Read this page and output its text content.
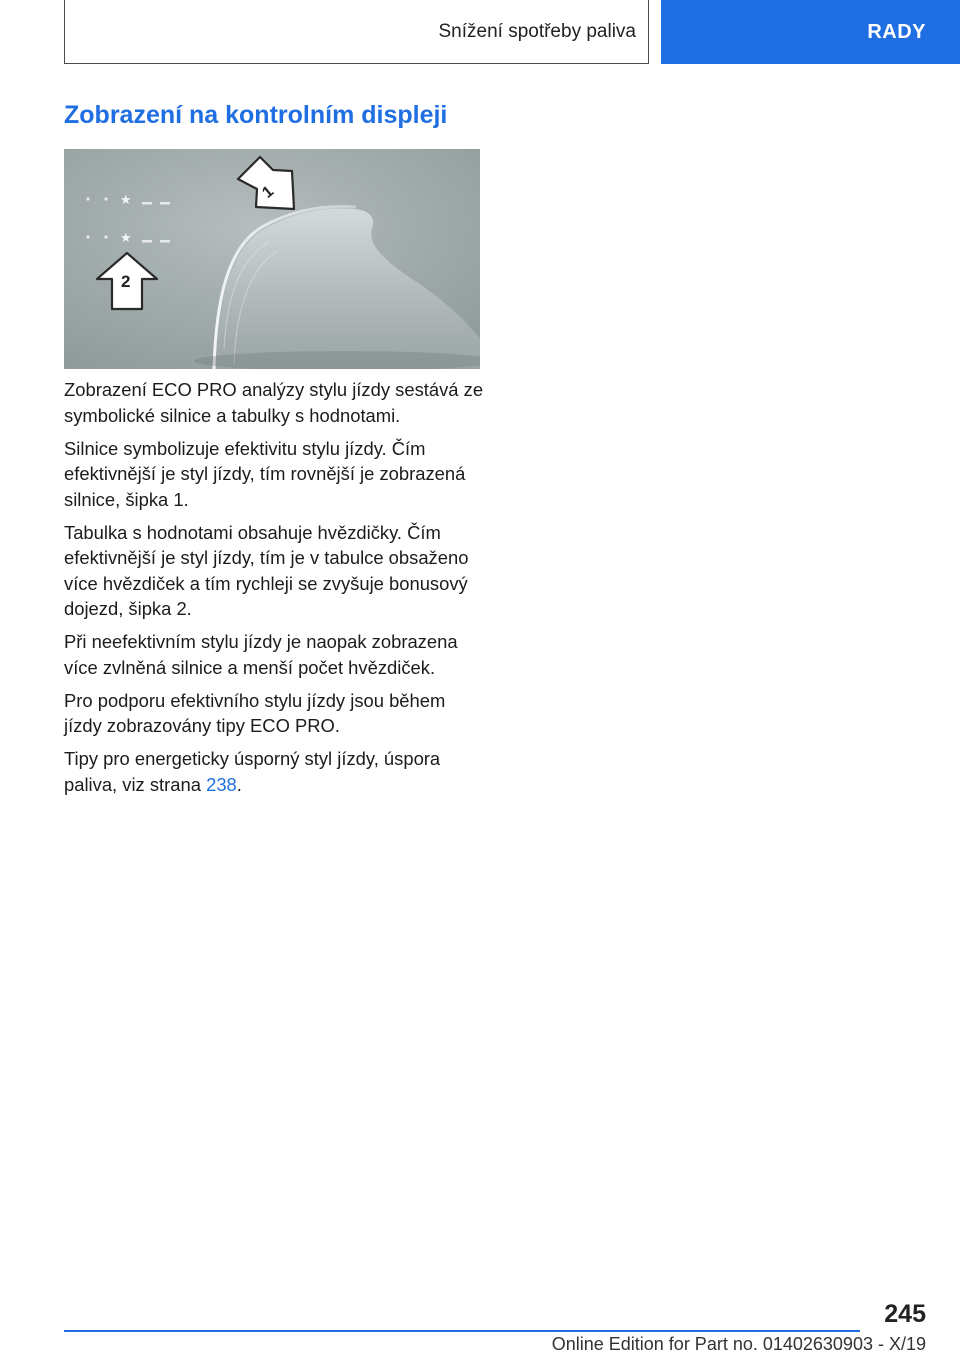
Snížení spotřeby paliva	RADY
Zobrazení na kontrolním displeji
★
★
1
2

Zobrazení ECO PRO analýzy stylu jízdy sestává ze symbolické silnice a tabulky s hodnotami.

Silnice symbolizuje efektivitu stylu jízdy. Čím efektivnější je styl jízdy, tím rovnější je zobrazená silnice, šipka 1.

Tabulka s hodnotami obsahuje hvězdičky. Čím efektivnější je styl jízdy, tím je v tabulce obsaženo více hvězdiček a tím rychleji se zvyšuje bonusový dojezd, šipka 2.

Při neefektivním stylu jízdy je naopak zobrazena více zvlněná silnice a menší počet hvězdiček.

Pro podporu efektivního stylu jízdy jsou během jízdy zobrazovány tipy ECO PRO.

Tipy pro energeticky úsporný styl jízdy, úspora paliva, viz strana 238.

245
Online Edition for Part no. 01402630903 - X/19
